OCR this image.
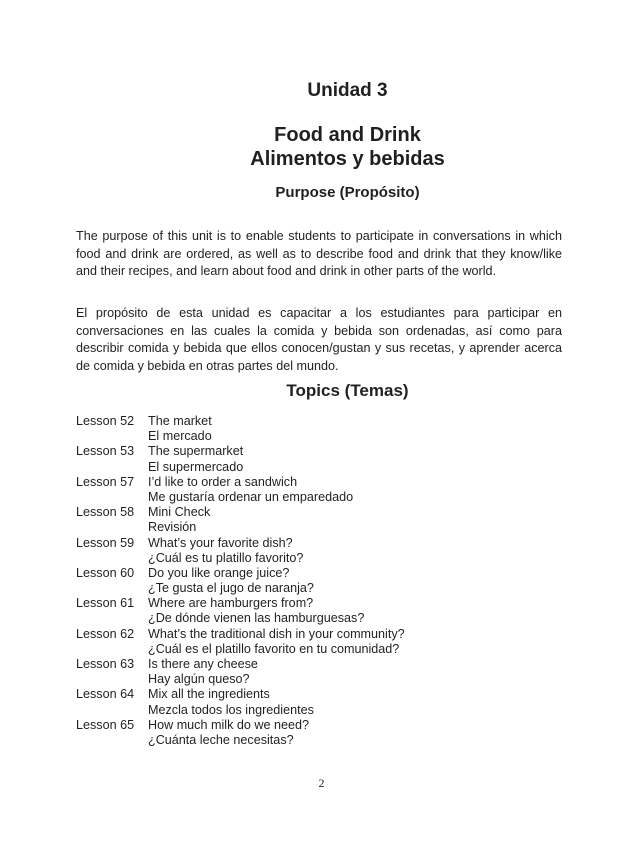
Unidad 3
Food and Drink
Alimentos y bebidas
Purpose (Propósito)

The purpose of this unit is to enable students to participate in conversations in which food and drink are ordered, as well as to describe food and drink that they know/like and their recipes, and learn about food and drink in other parts of the world.

El propósito de esta unidad es capacitar a los estudiantes para participar en conversaciones en las cuales la comida y bebida son ordenadas, así como para describir comida y bebida que ellos conocen/gustan y sus recetas, y aprender acerca de comida y bebida en otras partes del mundo.

Topics (Temas)
Lesson 52	The market
El mercado
Lesson 53	The supermarket
El supermercado
Lesson 57	I’d like to order a sandwich
Me gustaría ordenar un emparedado
Lesson 58	Mini Check
Revisión
Lesson 59	What’s your favorite dish?
¿Cuál es tu platillo favorito?
Lesson 60	Do you like orange juice?
¿Te gusta el jugo de naranja?
Lesson 61	Where are hamburgers from?
¿De dónde vienen las hamburguesas?
Lesson 62	What’s the traditional dish in your community?
¿Cuál es el platillo favorito en tu comunidad?
Lesson 63	Is there any cheese
Hay algún queso?
Lesson 64	Mix all the ingredients
Mezcla todos los ingredientes
Lesson 65	How much milk do we need?
¿Cuánta leche necesitas?
2
